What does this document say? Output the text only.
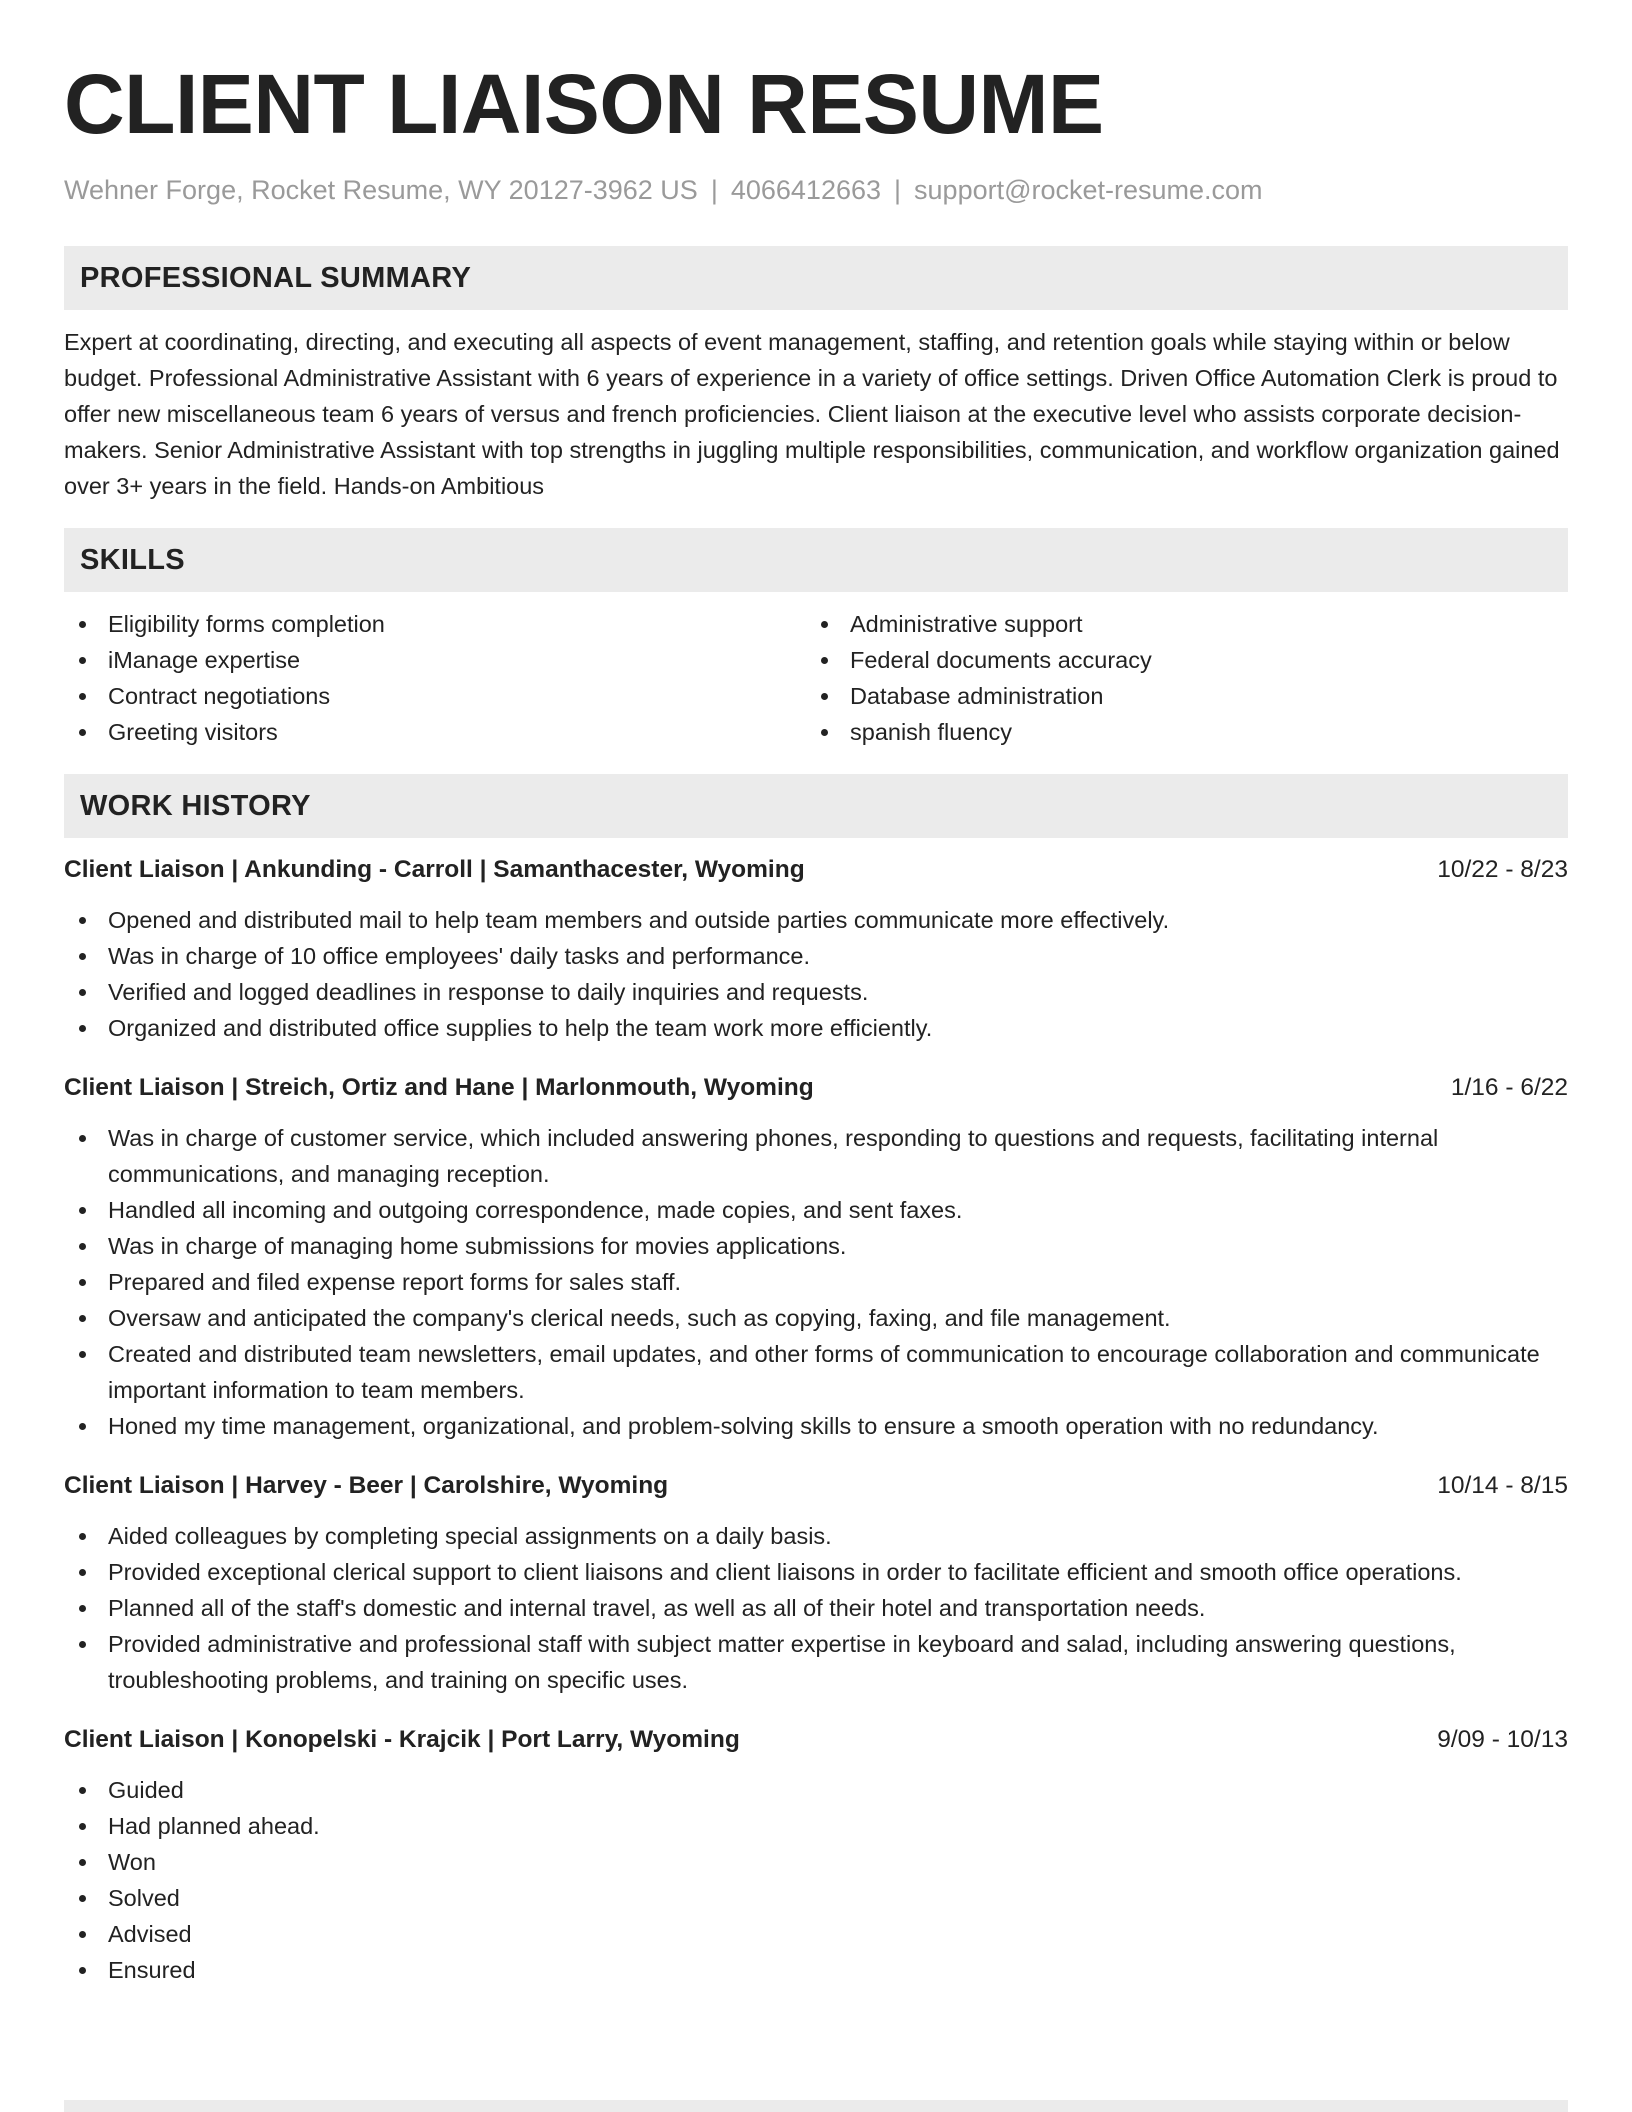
CLIENT LIAISON RESUME
Wehner Forge, Rocket Resume, WY 20127-3962 US | 4066412663 | support@rocket-resume.com
PROFESSIONAL SUMMARY

Expert at coordinating, directing, and executing all aspects of event management, staffing, and retention goals while staying within or below budget. Professional Administrative Assistant with 6 years of experience in a variety of office settings. Driven Office Automation Clerk is proud to offer new miscellaneous team 6 years of versus and french proficiencies. Client liaison at the executive level who assists corporate decision-makers. Senior Administrative Assistant with top strengths in juggling multiple responsibilities, communication, and workflow organization gained over 3+ years in the field. Hands-on Ambitious

SKILLS
Eligibility forms completion
iManage expertise
Contract negotiations
Greeting visitors
Administrative support
Federal documents accuracy
Database administration
spanish fluency
WORK HISTORY
Client Liaison | Ankunding - Carroll | Samanthacester, Wyoming	10/22 - 8/23
Opened and distributed mail to help team members and outside parties communicate more effectively.
Was in charge of 10 office employees' daily tasks and performance.
Verified and logged deadlines in response to daily inquiries and requests.
Organized and distributed office supplies to help the team work more efficiently.
Client Liaison | Streich, Ortiz and Hane | Marlonmouth, Wyoming	1/16 - 6/22
Was in charge of customer service, which included answering phones, responding to questions and requests, facilitating internal communications, and managing reception.
Handled all incoming and outgoing correspondence, made copies, and sent faxes.
Was in charge of managing home submissions for movies applications.
Prepared and filed expense report forms for sales staff.
Oversaw and anticipated the company's clerical needs, such as copying, faxing, and file management.
Created and distributed team newsletters, email updates, and other forms of communication to encourage collaboration and communicate important information to team members.
Honed my time management, organizational, and problem-solving skills to ensure a smooth operation with no redundancy.
Client Liaison | Harvey - Beer | Carolshire, Wyoming	10/14 - 8/15
Aided colleagues by completing special assignments on a daily basis.
Provided exceptional clerical support to client liaisons and client liaisons in order to facilitate efficient and smooth office operations.
Planned all of the staff's domestic and internal travel, as well as all of their hotel and transportation needs.
Provided administrative and professional staff with subject matter expertise in keyboard and salad, including answering questions, troubleshooting problems, and training on specific uses.
Client Liaison | Konopelski - Krajcik | Port Larry, Wyoming	9/09 - 10/13
Guided
Had planned ahead.
Won
Solved
Advised
Ensured
